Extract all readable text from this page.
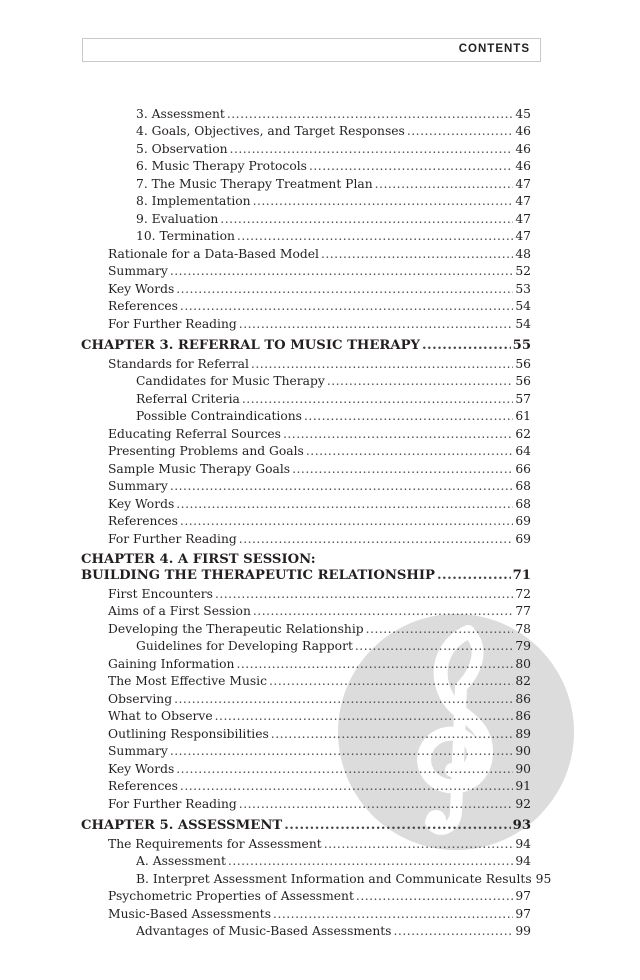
CONTENTS
3. Assessment .....	45
4. Goals, Objectives, and Target Responses .....	46
5. Observation .....	46
6. Music Therapy Protocols .....	46
7. The Music Therapy Treatment Plan .....	47
8. Implementation .....	47
9. Evaluation .....	47
10. Termination .....	47
Rationale for a Data-Based Model .....	48
Summary .....	52
Key Words .....	53
References .....	54
For Further Reading .....	54
CHAPTER 3. REFERRAL TO MUSIC THERAPY .....	55
Standards for Referral .....	56
Candidates for Music Therapy .....	56
Referral Criteria .....	57
Possible Contraindications .....	61
Educating Referral Sources .....	62
Presenting Problems and Goals .....	64
Sample Music Therapy Goals .....	66
Summary .....	68
Key Words .....	68
References .....	69
For Further Reading .....	69
CHAPTER 4. A FIRST SESSION:
BUILDING THE THERAPEUTIC RELATIONSHIP .....	71
First Encounters .....	72
Aims of a First Session .....	77
Developing the Therapeutic Relationship .....	78
Guidelines for Developing Rapport .....	79
Gaining Information .....	80
The Most Effective Music .....	82
Observing .....	86
What to Observe .....	86
Outlining Responsibilities .....	89
Summary .....	90
Key Words .....	90
References .....	91
For Further Reading .....	92
CHAPTER 5. ASSESSMENT .....	93
The Requirements for Assessment .....	94
A. Assessment .....	94
B. Interpret Assessment Information and Communicate Results 95
Psychometric Properties of Assessment .....	97
Music-Based Assessments .....	97
Advantages of Music-Based Assessments .....	99
